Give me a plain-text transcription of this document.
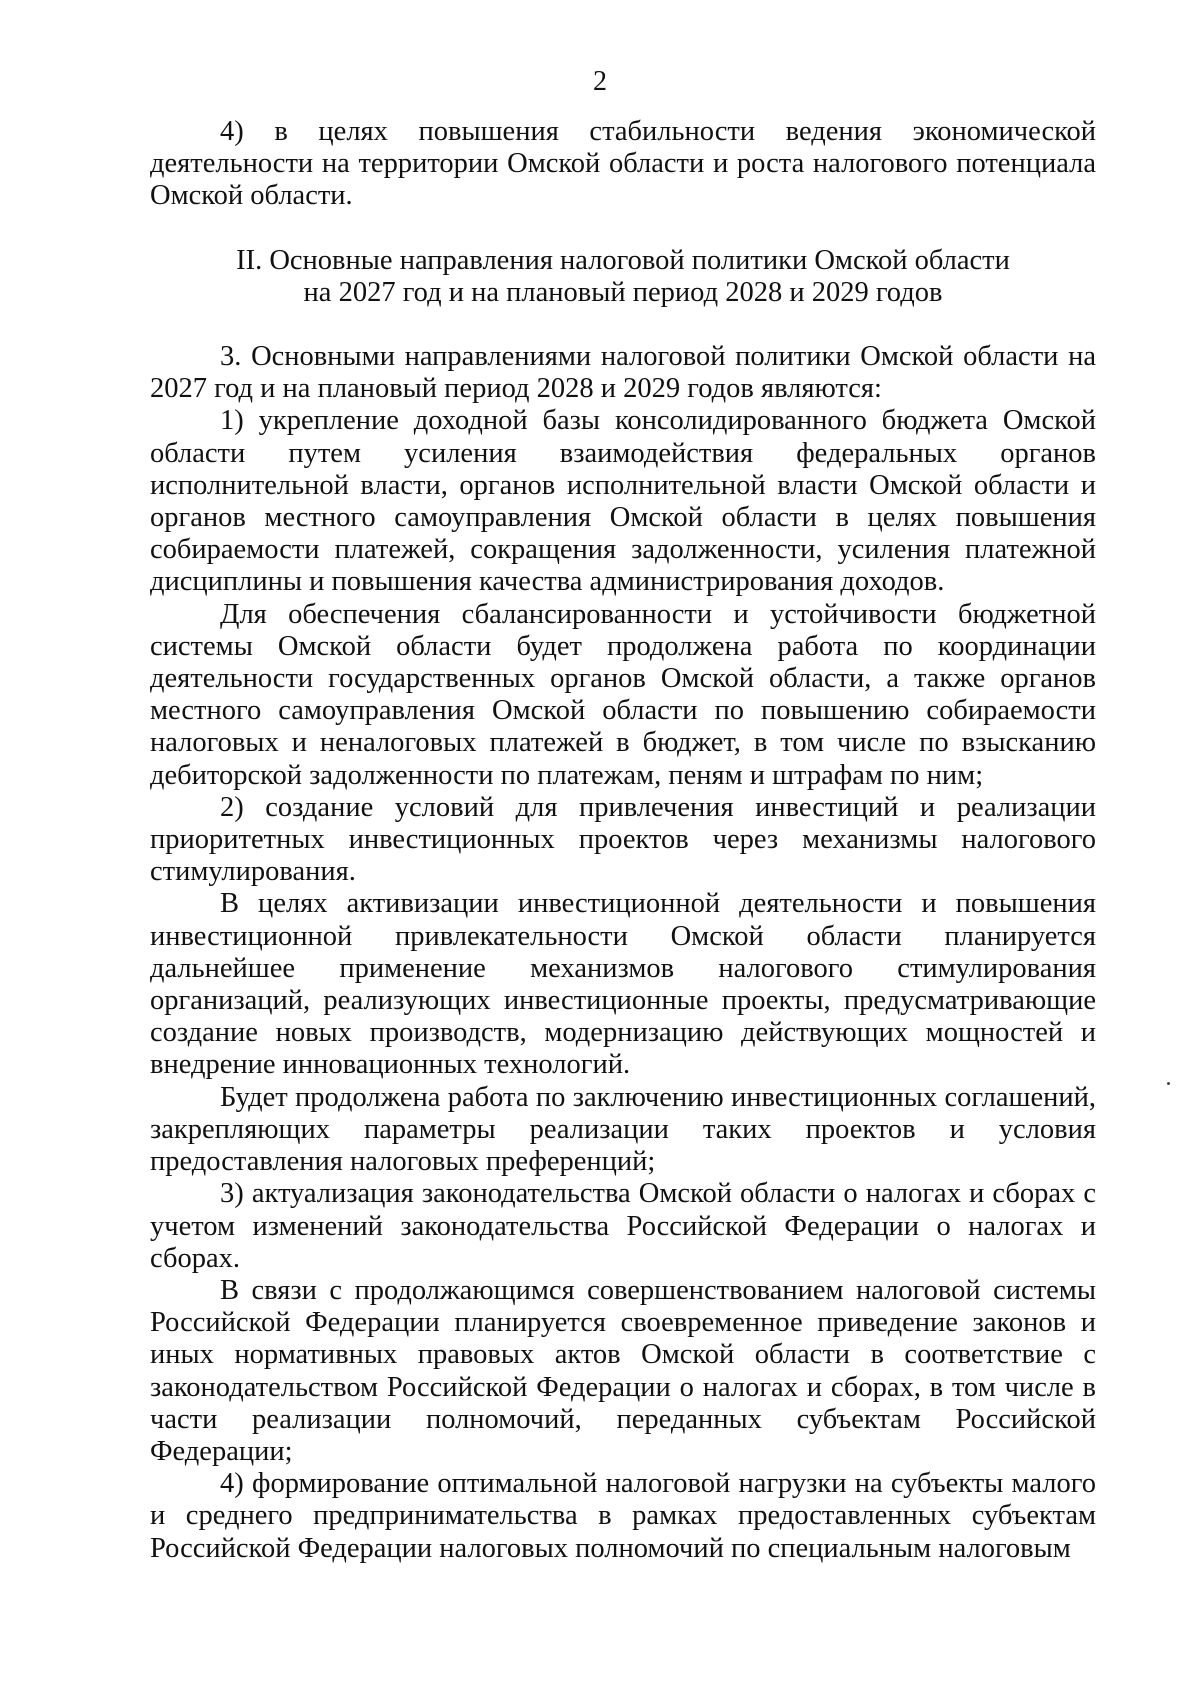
2

4) в целях повышения стабильности ведения экономической деятельности на территории Омской области и роста налогового потенциала Омской области.

II. Основные направления налоговой политики Омской области
на 2027 год и на плановый период 2028 и 2029 годов

3. Основными направлениями налоговой политики Омской области на 2027 год и на плановый период 2028 и 2029 годов являются:

1) укрепление доходной базы консолидированного бюджета Омской области путем усиления взаимодействия федеральных органов исполнительной власти, органов исполнительной власти Омской области и органов местного самоуправления Омской области в целях повышения собираемости платежей, сокращения задолженности, усиления платежной дисциплины и повышения качества администрирования доходов.

Для обеспечения сбалансированности и устойчивости бюджетной системы Омской области будет продолжена работа по координации деятельности государственных органов Омской области, а также органов местного самоуправления Омской области по повышению собираемости налоговых и неналоговых платежей в бюджет, в том числе по взысканию дебиторской задолженности по платежам, пеням и штрафам по ним;

2) создание условий для привлечения инвестиций и реализации приоритетных инвестиционных проектов через механизмы налогового стимулирования.

В целях активизации инвестиционной деятельности и повышения инвестиционной привлекательности Омской области планируется дальнейшее применение механизмов налогового стимулирования организаций, реализующих инвестиционные проекты, предусматривающие создание новых производств, модернизацию действующих мощностей и внедрение инновационных технологий.

Будет продолжена работа по заключению инвестиционных соглашений, закрепляющих параметры реализации таких проектов и условия предоставления налоговых преференций;

3) актуализация законодательства Омской области о налогах и сборах с учетом изменений законодательства Российской Федерации о налогах и сборах.

В связи с продолжающимся совершенствованием налоговой системы Российской Федерации планируется своевременное приведение законов и иных нормативных правовых актов Омской области в соответствие с законодательством Российской Федерации о налогах и сборах, в том числе в части реализации полномочий, переданных субъектам Российской Федерации;

4) формирование оптимальной налоговой нагрузки на субъекты малого и среднего предпринимательства в рамках предоставленных субъектам Российской Федерации налоговых полномочий по специальным налоговым
